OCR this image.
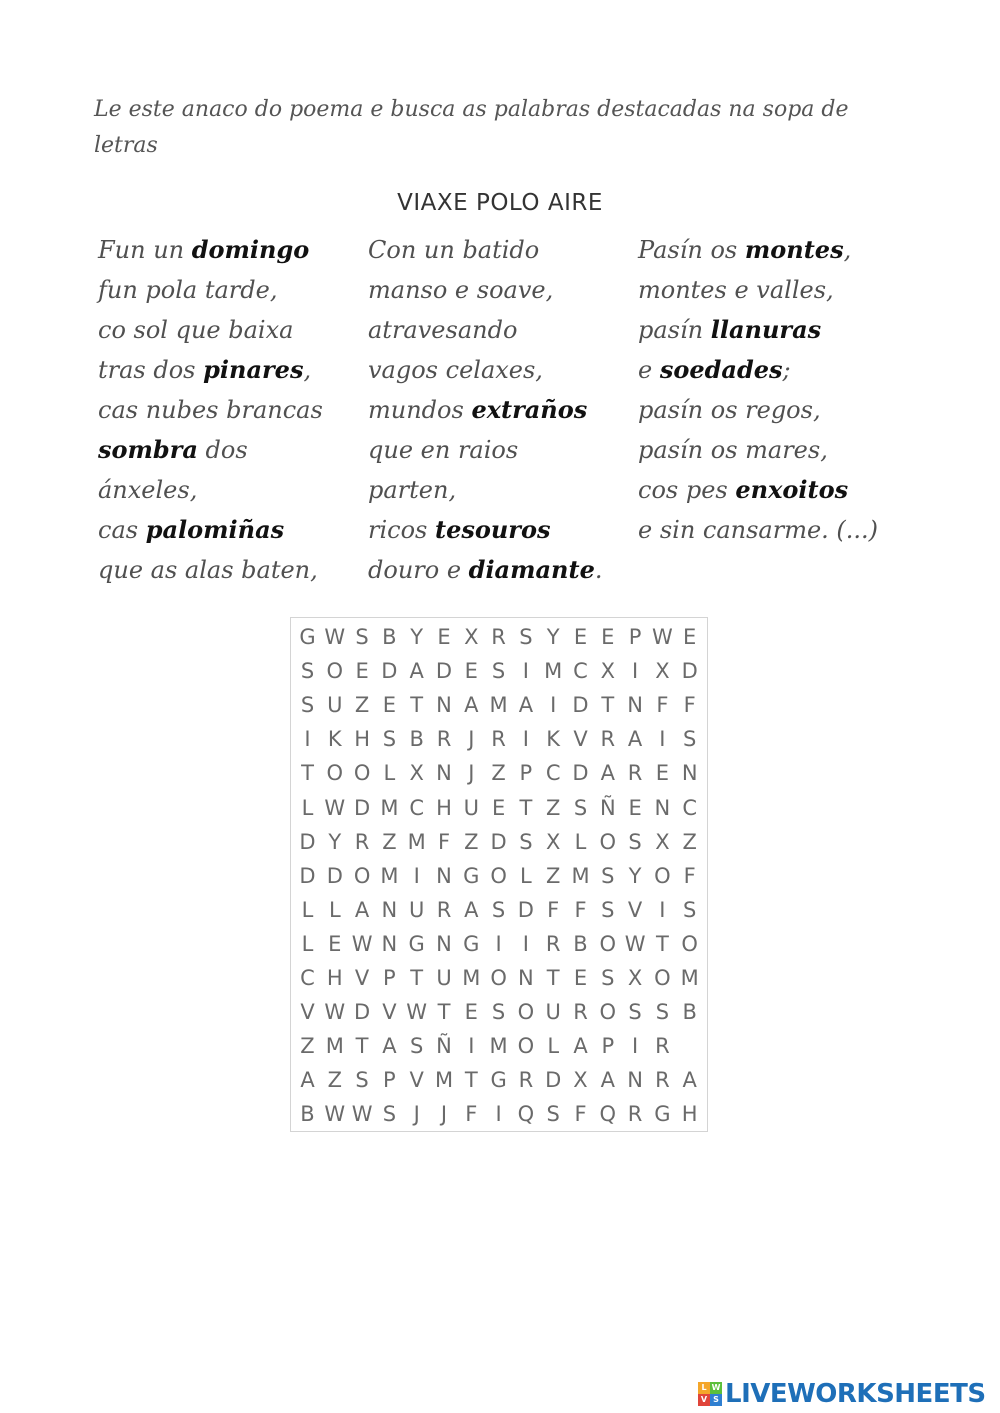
Le este anaco do poema e busca as palabras destacadas na sopa de letras
VIAXE POLO AIRE
Fun un domingo
fun pola tarde,
co sol que baixa
tras dos pinares,
cas nubes brancas
sombra dos
ánxeles,
cas palomiñas
que as alas baten,
Con un batido
manso e soave,
atravesando
vagos celaxes,
mundos extraños
que en raios
parten,
ricos tesouros
douro e diamante.
Pasín os montes,
montes e valles,
pasín llanuras
e soedades;
pasín os regos,
pasín os mares,
cos pes enxoitos
e sin cansarme. (...)
G W S B Y E X R S Y E E P W E
S O E D A D E S I M C X I X D
S U Z E T N A M A I D T N F F
I K H S B R J R I K V R A I S
T O O L X N J Z P C D A R E N
L W D M C H U E T Z S Ñ E N C
D Y R Z M F Z D S X L O S X Z
D D O M I N G O L Z M S Y O F
L L A N U R A S D F F S V I S
L E W N G N G I	I R B O W T O
C H V P T U M O N T E S X O M
V W D V W T E S O U R O S S B
Z M T A S Ñ I M O L A P I R
A Z S P V M T G R D X A N R A
B W W S J	J F I Q S F Q R G H
L W
V S LIVEWORKSHEETS
